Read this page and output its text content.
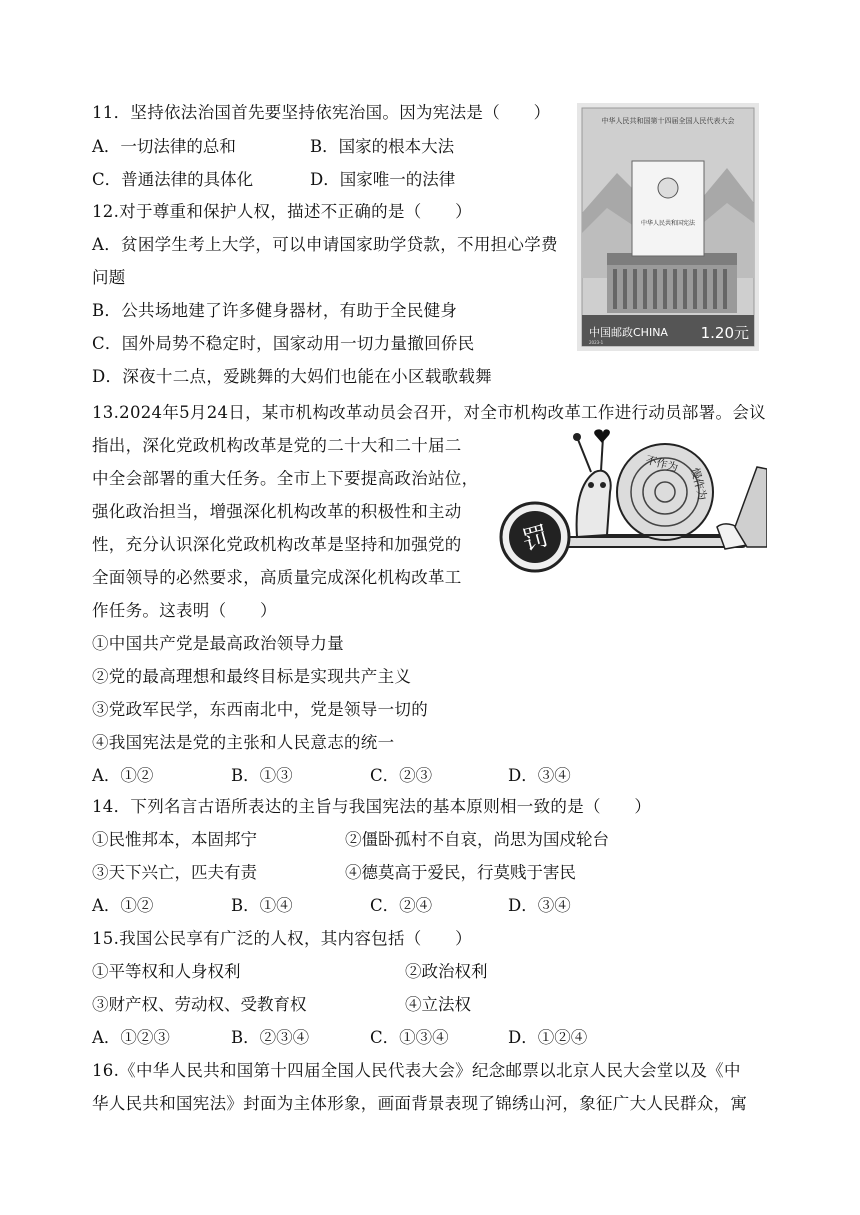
11．坚持依法治国首先要坚持依宪治国。因为宪法是（　　）
A．一切法律的总和	B．国家的根本大法
C．普通法律的具体化	D．国家唯一的法律
12.对于尊重和保护人权，描述不正确的是（　　）
A．贫困学生考上大学，可以申请国家助学贷款，不用担心学费
问题
B．公共场地建了许多健身器材，有助于全民健身
C．国外局势不稳定时，国家动用一切力量撤回侨民
D．深夜十二点，爱跳舞的大妈们也能在小区载歌载舞
中华人民共和国第十四届全国人民代表大会
中华人民共和国宪法
中国邮政CHINA 1.20元
2023-1
13.2024年5月24日，某市机构改革动员会召开，对全市机构改革工作进行动员部署。会议
指出，深化党政机构改革是党的二十大和二十届二
中全会部署的重大任务。全市上下要提高政治站位，
强化政治担当，增强深化机构改革的积极性和主动
性，充分认识深化党政机构改革是坚持和加强党的
全面领导的必然要求，高质量完成深化机构改革工
作任务。这表明（　　）
①中国共产党是最高政治领导力量
②党的最高理想和最终目标是实现共产主义
③党政军民学，东西南北中，党是领导一切的
④我国宪法是党的主张和人民意志的统一
A．①②	B．①③	C．②③	D．③④
罚
不作为
慢作为
14．下列名言古语所表达的主旨与我国宪法的基本原则相一致的是（　　）
①民惟邦本，本固邦宁	②僵卧孤村不自哀，尚思为国戍轮台
③天下兴亡，匹夫有责	④德莫高于爱民，行莫贱于害民
A．①②	B．①④	C．②④	D．③④
15.我国公民享有广泛的人权，其内容包括（　　）
①平等权和人身权利	②政治权利
③财产权、劳动权、受教育权	④立法权
A．①②③	B．②③④	C．①③④	D．①②④
16.《中华人民共和国第十四届全国人民代表大会》纪念邮票以北京人民大会堂以及《中
华人民共和国宪法》封面为主体形象，画面背景表现了锦绣山河，象征广大人民群众，寓
